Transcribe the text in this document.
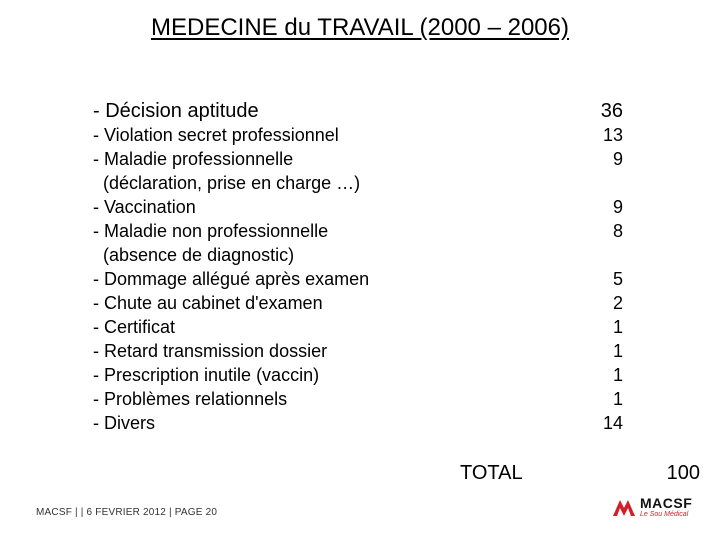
MEDECINE du TRAVAIL (2000 – 2006)
- Décision aptitude	36
- Violation secret professionnel	13
- Maladie professionnelle	9
(déclaration, prise en charge …)
- Vaccination	9
- Maladie non professionnelle	8
(absence de diagnostic)
- Dommage allégué après examen	5
- Chute au cabinet d'examen	2
- Certificat	1
- Retard transmission dossier	1
- Prescription inutile (vaccin)	1
- Problèmes relationnels	1
- Divers	14
TOTAL	100
MACSF | | 6 FEVRIER 2012 | PAGE 20
MACSF
Le Sou Médical
